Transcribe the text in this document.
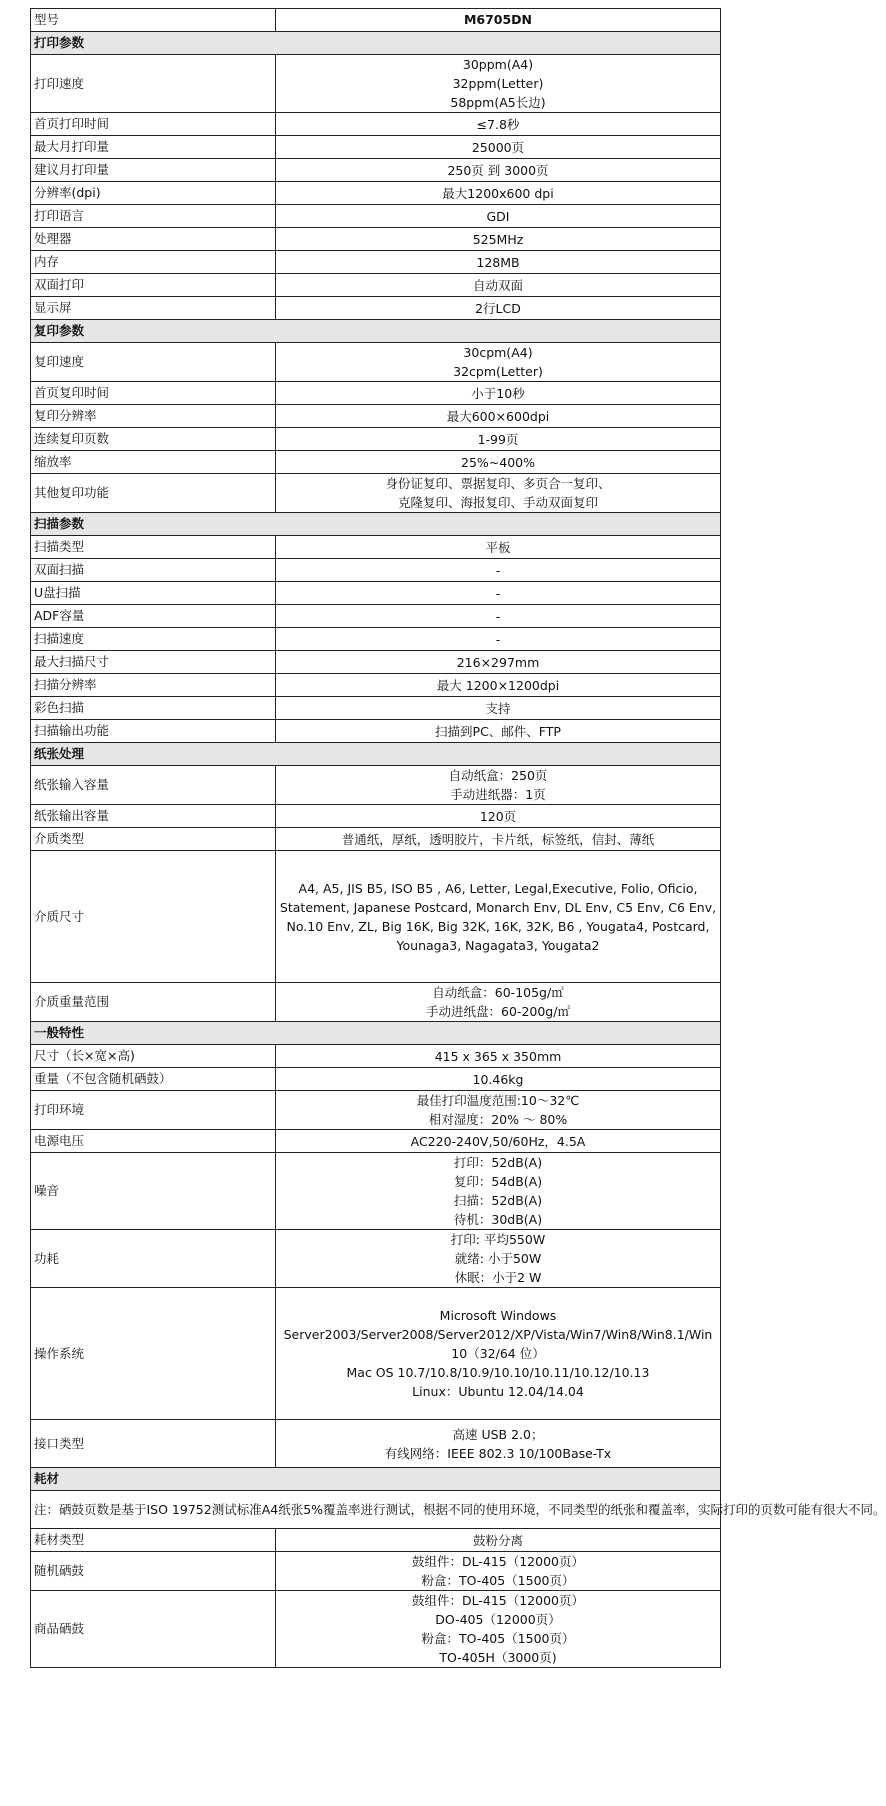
型号	M6705DN
打印参数	
打印速度	30ppm(A4)
32ppm(Letter)
58ppm(A5长边)

首页打印时间	≤7.8秒

最大月打印量	25000页

建议月打印量	250页 到 3000页

分辨率(dpi)	最大1200x600 dpi

打印语言	GDI

处理器	525MHz

内存	128MB

双面打印	自动双面

显示屏	2行LCD

复印参数	
复印速度	30cpm(A4)
32cpm(Letter)

首页复印时间	小于10秒

复印分辨率	最大600×600dpi

连续复印页数	1-99页

缩放率	25%~400%

其他复印功能	身份证复印、票据复印、多页合一复印、
克隆复印、海报复印、手动双面复印

扫描参数	
扫描类型	平板

双面扫描	-

U盘扫描	-

ADF容量	-

扫描速度	-

最大扫描尺寸	216×297mm

扫描分辨率	最大 1200×1200dpi

彩色扫描	支持

扫描输出功能	扫描到PC、邮件、FTP

纸张处理	
纸张输入容量	自动纸盒：250页
手动进纸器：1页

纸张输出容量	120页

介质类型	普通纸，厚纸，透明胶片，卡片纸，标签纸，信封、薄纸

介质尺寸	A4, A5, JIS B5, ISO B5 , A6, Letter, Legal,Executive, Folio, Oficio,
Statement, Japanese Postcard, Monarch Env, DL Env, C5 Env, C6 Env,
No.10 Env, ZL, Big 16K, Big 32K, 16K, 32K, B6 , Yougata4, Postcard,
Younaga3, Nagagata3, Yougata2

介质重量范围	自动纸盒：60-105g/㎡
手动进纸盘：60-200g/㎡

一般特性	
尺寸（长×宽×高)	415 x 365 x 350mm

重量（不包含随机硒鼓）	10.46kg

打印环境	最佳打印温度范围:10～32℃
相对湿度：20% ～ 80%

电源电压	AC220-240V,50/60Hz，4.5A

噪音	打印：52dB(A)
复印：54dB(A)
扫描：52dB(A)
待机：30dB(A)

功耗	打印: 平均550W
就绪: 小于50W
休眠：小于2 W

操作系统	Microsoft Windows
Server2003/Server2008/Server2012/XP/Vista/Win7/Win8/Win8.1/Win
10（32/64 位）
Mac OS 10.7/10.8/10.9/10.10/10.11/10.12/10.13
Linux：Ubuntu 12.04/14.04

接口类型	高速 USB 2.0；
有线网络：IEEE 802.3 10/100Base-Tx

耗材	
注：硒鼓页数是基于ISO 19752测试标准A4纸张5%覆盖率进行测试，根据不同的使用环境，不同类型的纸张和覆盖率，实际打印的页数可能有很大不同。	
耗材类型	鼓粉分离

随机硒鼓	鼓组件：DL-415（12000页）
粉盒：TO-405（1500页）

商品硒鼓	鼓组件：DL-415（12000页）
DO-405（12000页）
粉盒：TO-405（1500页）
TO-405H（3000页)
